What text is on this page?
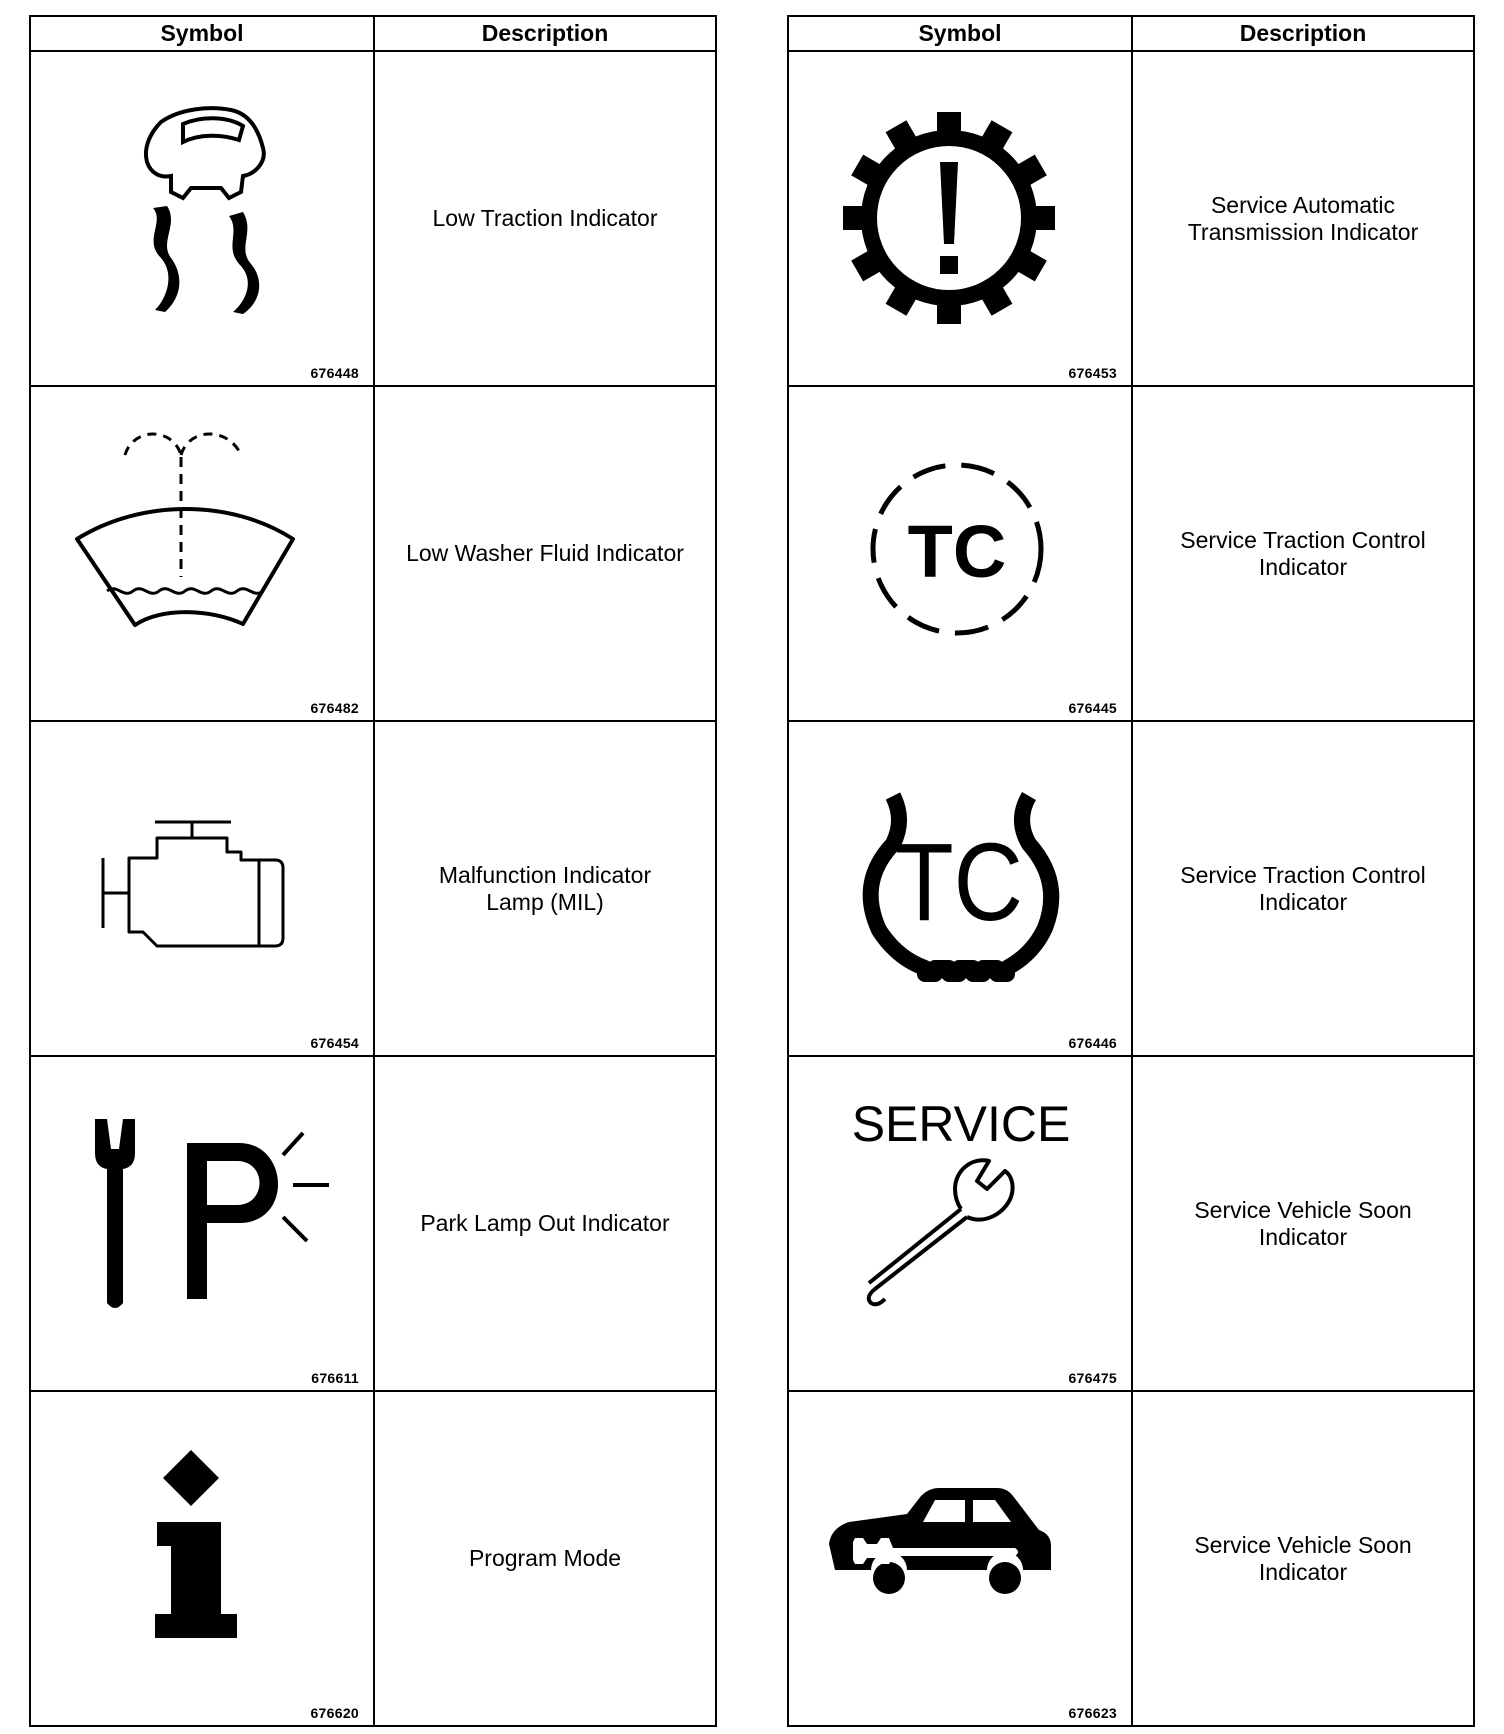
Symbol	Description

676448	Low Traction Indicator

676482	Low Washer Fluid Indicator

676454	Malfunction Indicator
Lamp (MIL)

676611	Park Lamp Out Indicator

676620	Program Mode
Symbol	Description

676453	Service Automatic
Transmission Indicator

TC
676445	Service Traction Control
Indicator

TC
676446	Service Traction Control
Indicator

SERVICE
676475	Service Vehicle Soon
Indicator

676623	Service Vehicle Soon
Indicator
